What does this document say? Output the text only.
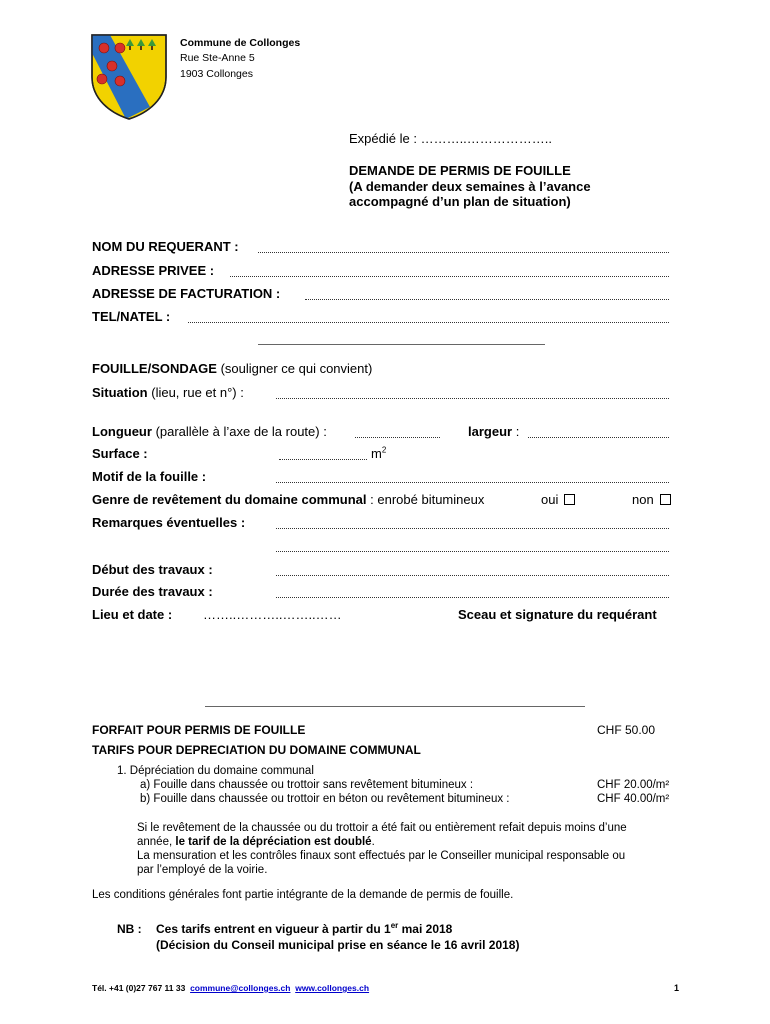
Commune de Collonges
Rue Ste-Anne 5
1903 Collonges
Expédié le : ………..………………..
DEMANDE DE PERMIS DE FOUILLE
(A demander deux semaines à l’avance
accompagné d’un plan de situation)
NOM DU REQUERANT :
ADRESSE PRIVEE :
ADRESSE DE FACTURATION :
TEL/NATEL :
FOUILLE/SONDAGE (souligner ce qui convient)
Situation (lieu, rue et n°) :
Longueur (parallèle à l’axe de la route) :	largeur :
Surface :	$m^2$
Motif de la fouille :
Genre de revêtement du domaine communal : enrobé bitumineux	oui	non
Remarques éventuelles :
Début des travaux :
Durée des travaux :
Lieu et date : ……..………..……..……	Sceau et signature du requérant
FORFAIT POUR PERMIS DE FOUILLE	CHF 50.00
TARIFS POUR DEPRECIATION DU DOMAINE COMMUNAL
1. Dépréciation du domaine communal
a) Fouille dans chaussée ou trottoir sans revêtement bitumineux :	CHF 20.00/m²
b) Fouille dans chaussée ou trottoir en béton ou revêtement bitumineux :	CHF 40.00/m²
Si le revêtement de la chaussée ou du trottoir a été fait ou entièrement refait depuis moins d’une
année, le tarif de la dépréciation est doublé.
La mensuration et les contrôles finaux sont effectués par le Conseiller municipal responsable ou
par l’employé de la voirie.
Les conditions générales font partie intégrante de la demande de permis de fouille.
NB : Ces tarifs entrent en vigueur à partir du 1er mai 2018
(Décision du Conseil municipal prise en séance le 16 avril 2018)
Tél. +41 (0)27 767 11 33 commune@collonges.ch www.collonges.ch	1
